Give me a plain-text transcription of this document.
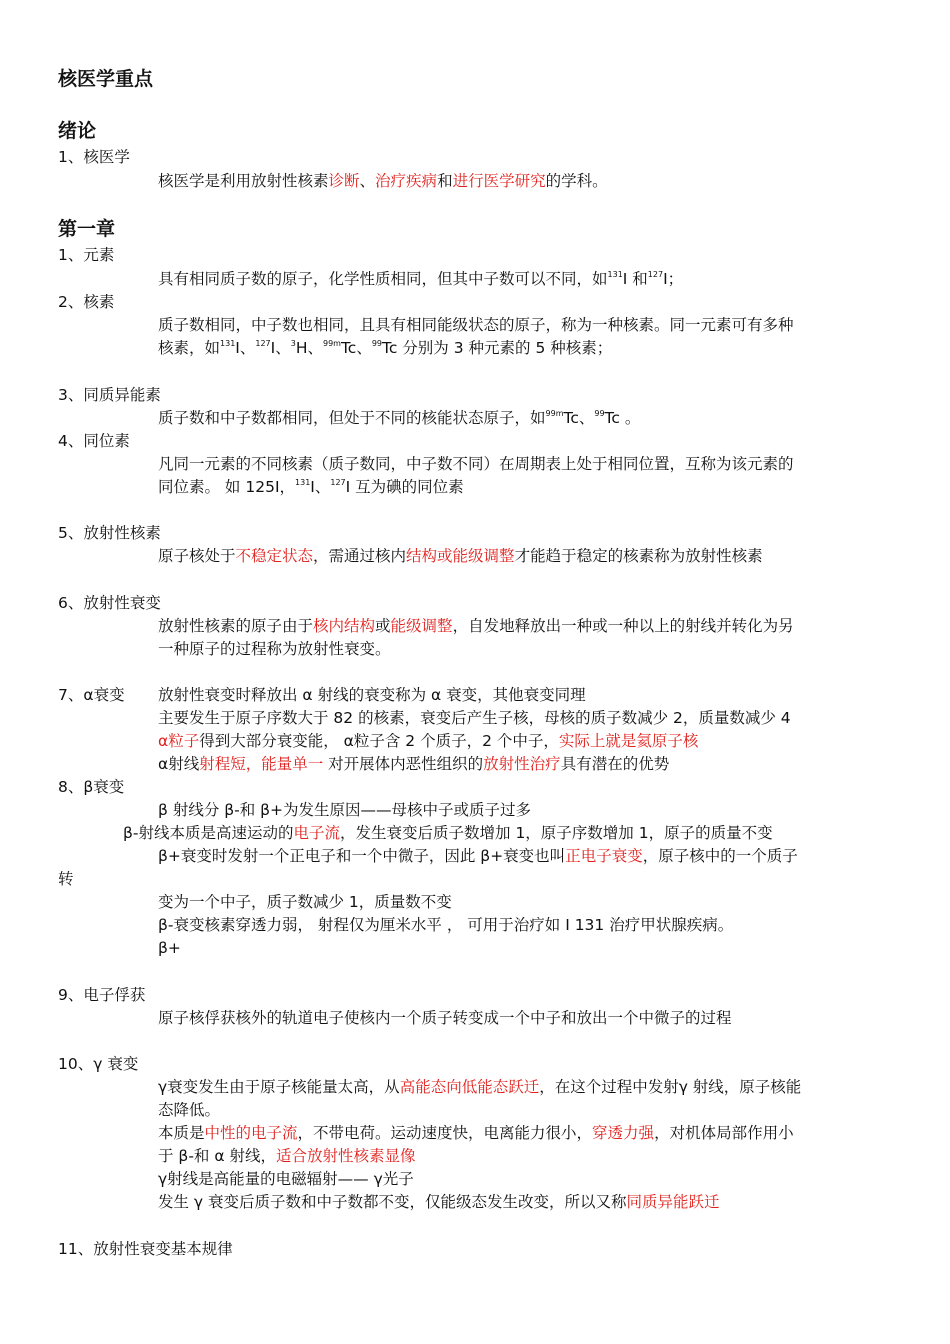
核医学重点
绪论
1、核医学
核医学是利用放射性核素诊断、治疗疾病和进行医学研究的学科。
第一章
1、元素
具有相同质子数的原子，化学性质相同，但其中子数可以不同，如$^{131}$I 和$^{127}$I；
2、核素
质子数相同，中子数也相同，且具有相同能级状态的原子，称为一种核素。同一元素可有多种
核素，如$^{131}$I、$^{127}$I、$^3$H、$^{99m}$Tc、$^{99}$Tc 分别为 3 种元素的 5 种核素；
3、同质异能素
质子数和中子数都相同，但处于不同的核能状态原子，如$^{99m}$Tc、$^{99}$Tc 。
4、同位素
凡同一元素的不同核素（质子数同，中子数不同）在周期表上处于相同位置，互称为该元素的
同位素。 如 125I，$^{131}$I、$^{127}$I 互为碘的同位素
5、放射性核素
原子核处于不稳定状态，需通过核内结构或能级调整才能趋于稳定的核素称为放射性核素
6、放射性衰变
放射性核素的原子由于核内结构或能级调整，自发地释放出一种或一种以上的射线并转化为另
一种原子的过程称为放射性衰变。
7、α衰变 放射性衰变时释放出 α 射线的衰变称为 α 衰变，其他衰变同理
主要发生于原子序数大于 82 的核素，衰变后产生子核，母核的质子数减少 2，质量数减少 4
α粒子得到大部分衰变能， α粒子含 2 个质子，2 个中子，实际上就是氦原子核
α射线射程短，能量单一 对开展体内恶性组织的放射性治疗具有潜在的优势
8、β衰变
β 射线分 β-和 β+为发生原因——母核中子或质子过多
β-射线本质是高速运动的电子流，发生衰变后质子数增加 1，原子序数增加 1，原子的质量不变
β+衰变时发射一个正电子和一个中微子，因此 β+衰变也叫正电子衰变，原子核中的一个质子
转
变为一个中子，质子数减少 1，质量数不变
β-衰变核素穿透力弱， 射程仅为厘米水平 ， 可用于治疗如 I 131 治疗甲状腺疾病。
β+
9、电子俘获
原子核俘获核外的轨道电子使核内一个质子转变成一个中子和放出一个中微子的过程
10、γ 衰变
γ衰变发生由于原子核能量太高，从高能态向低能态跃迁，在这个过程中发射γ 射线，原子核能
态降低。
本质是中性的电子流，不带电荷。运动速度快，电离能力很小，穿透力强，对机体局部作用小
于 β-和 α 射线，适合放射性核素显像
γ射线是高能量的电磁辐射—— γ光子
发生 γ 衰变后质子数和中子数都不变，仅能级态发生改变，所以又称同质异能跃迁
11、放射性衰变基本规律
